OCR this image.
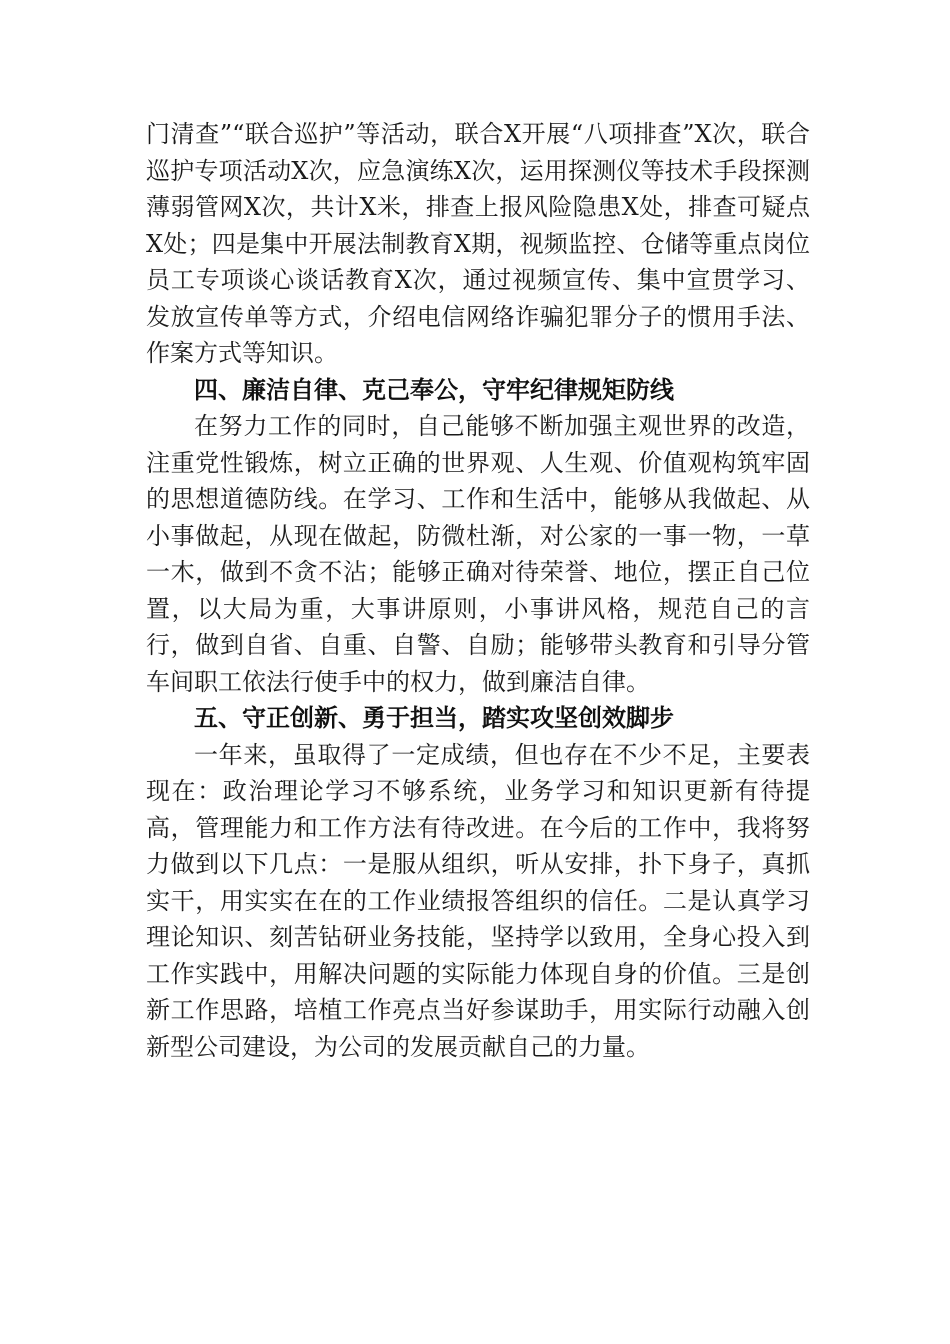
门清查”“联合巡护”等活动，联合X开展“八项排查”X次，联合巡护专项活动X次，应急演练X次，运用探测仪等技术手段探测薄弱管网X次，共计X米，排查上报风险隐患X处，排查可疑点X处；四是集中开展法制教育X期，视频监控、仓储等重点岗位员工专项谈心谈话教育X次，通过视频宣传、集中宣贯学习、发放宣传单等方式，介绍电信网络诈骗犯罪分子的惯用手法、作案方式等知识。

四、廉洁自律、克己奉公，守牢纪律规矩防线

在努力工作的同时，自己能够不断加强主观世界的改造，注重党性锻炼，树立正确的世界观、人生观、价值观构筑牢固的思想道德防线。在学习、工作和生活中，能够从我做起、从小事做起，从现在做起，防微杜渐，对公家的一事一物，一草一木，做到不贪不沾；能够正确对待荣誉、地位，摆正自己位置，以大局为重，大事讲原则，小事讲风格，规范自己的言行，做到自省、自重、自警、自励；能够带头教育和引导分管车间职工依法行使手中的权力，做到廉洁自律。

五、守正创新、勇于担当，踏实攻坚创效脚步

一年来，虽取得了一定成绩，但也存在不少不足，主要表现在：政治理论学习不够系统，业务学习和知识更新有待提高，管理能力和工作方法有待改进。在今后的工作中，我将努力做到以下几点：一是服从组织，听从安排，扑下身子，真抓实干，用实实在在的工作业绩报答组织的信任。二是认真学习理论知识、刻苦钻研业务技能，坚持学以致用，全身心投入到工作实践中，用解决问题的实际能力体现自身的价值。三是创新工作思路，培植工作亮点当好参谋助手，用实际行动融入创新型公司建设，为公司的发展贡献自己的力量。
